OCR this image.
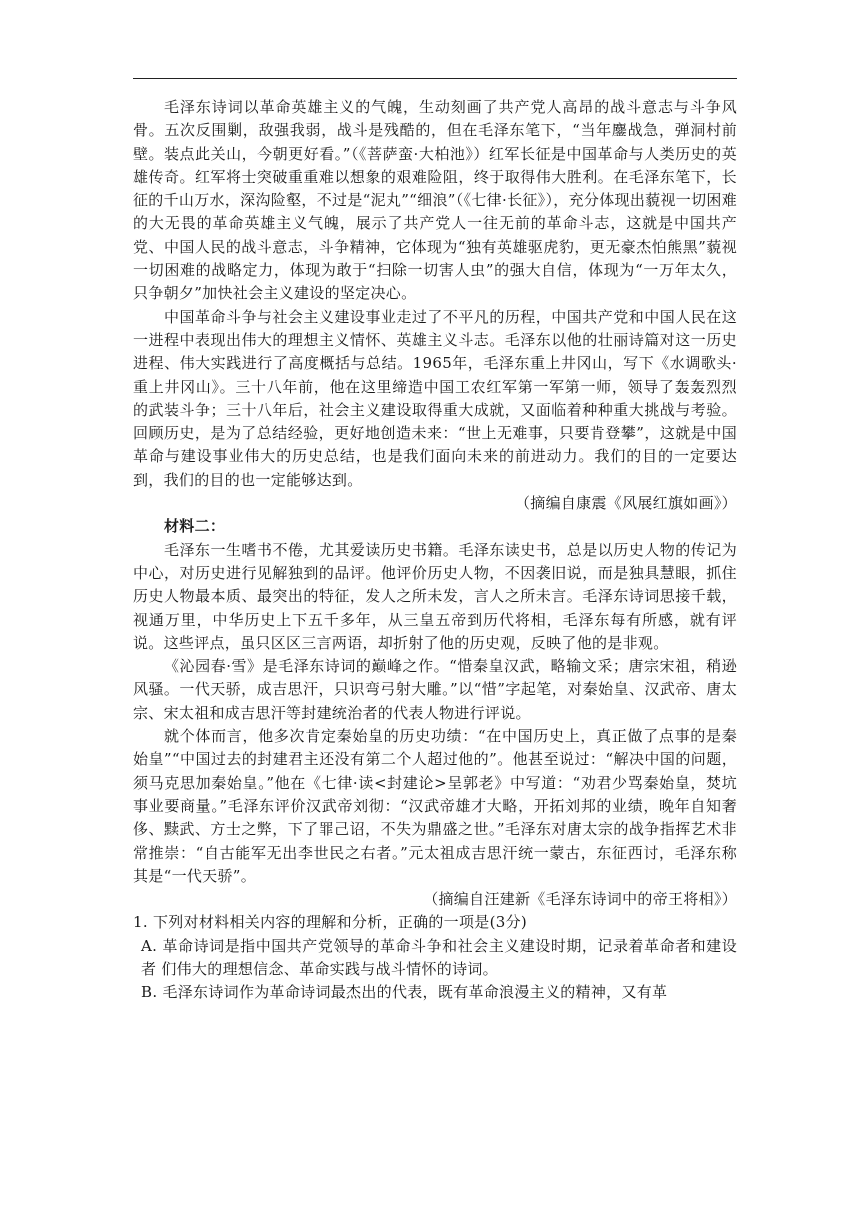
毛泽东诗词以革命英雄主义的气魄，生动刻画了共产党人高昂的战斗意志与斗争风骨。五次反围剿，敌强我弱，战斗是残酷的，但在毛泽东笔下，“当年鏖战急，弹洞村前壁。装点此关山，今朝更好看。”（《菩萨蛮·大柏池》）红军长征是中国革命与人类历史的英雄传奇。红军将士突破重重难以想象的艰难险阻，终于取得伟大胜利。在毛泽东笔下，长征的千山万水，深沟险壑，不过是“泥丸”“细浪”（《七律·长征》），充分体现出藐视一切困难的大无畏的革命英雄主义气魄，展示了共产党人一往无前的革命斗志，这就是中国共产党、中国人民的战斗意志，斗争精神，它体现为“独有英雄驱虎豹，更无豪杰怕熊黑”藐视一切困难的战略定力，体现为敢于“扫除一切害人虫”的强大自信，体现为“一万年太久，只争朝夕”加快社会主义建设的坚定决心。

中国革命斗争与社会主义建设事业走过了不平凡的历程，中国共产党和中国人民在这一进程中表现出伟大的理想主义情怀、英雄主义斗志。毛泽东以他的壮丽诗篇对这一历史进程、伟大实践进行了高度概括与总结。1965年，毛泽东重上井冈山，写下《水调歌头·重上井冈山》。三十八年前，他在这里缔造中国工农红军第一军第一师，领导了轰轰烈烈的武装斗争；三十八年后，社会主义建设取得重大成就，又面临着种种重大挑战与考验。回顾历史，是为了总结经验，更好地创造未来：“世上无难事，只要肯登攀”，这就是中国革命与建设事业伟大的历史总结，也是我们面向未来的前进动力。我们的目的一定要达到，我们的目的也一定能够达到。

（摘编自康震《风展红旗如画》）

材料二：

毛泽东一生嗜书不倦，尤其爱读历史书籍。毛泽东读史书，总是以历史人物的传记为中心，对历史进行见解独到的品评。他评价历史人物，不因袭旧说，而是独具慧眼，抓住历史人物最本质、最突出的特征，发人之所未发，言人之所未言。毛泽东诗词思接千载，视通万里，中华历史上下五千多年，从三皇五帝到历代将相，毛泽东每有所感，就有评说。这些评点，虽只区区三言两语，却折射了他的历史观，反映了他的是非观。

《沁园春·雪》是毛泽东诗词的巅峰之作。“惜秦皇汉武，略输文采；唐宗宋祖，稍逊风骚。一代天骄，成吉思汗，只识弯弓射大雕。”以“惜”字起笔，对秦始皇、汉武帝、唐太宗、宋太祖和成吉思汗等封建统治者的代表人物进行评说。

就个体而言，他多次肯定秦始皇的历史功绩：“在中国历史上，真正做了点事的是秦始皇”“中国过去的封建君主还没有第二个人超过他的”。他甚至说过：“解决中国的问题，须马克思加秦始皇。”他在《七律·读<封建论>呈郭老》中写道：“劝君少骂秦始皇，焚坑事业要商量。”毛泽东评价汉武帝刘彻：“汉武帝雄才大略，开拓刘邦的业绩，晚年自知奢侈、黩武、方士之弊，下了罪己诏，不失为鼎盛之世。”毛泽东对唐太宗的战争指挥艺术非常推崇：“自古能军无出李世民之右者。”元太祖成吉思汗统一蒙古，东征西讨，毛泽东称其是“一代天骄”。

（摘编自汪建新《毛泽东诗词中的帝王将相》）

1. 下列对材料相关内容的理解和分析，正确的一项是(3分)

A. 革命诗词是指中国共产党领导的革命斗争和社会主义建设时期，记录着革命者和建设者 们伟大的理想信念、革命实践与战斗情怀的诗词。

B. 毛泽东诗词作为革命诗词最杰出的代表，既有革命浪漫主义的精神，又有革
